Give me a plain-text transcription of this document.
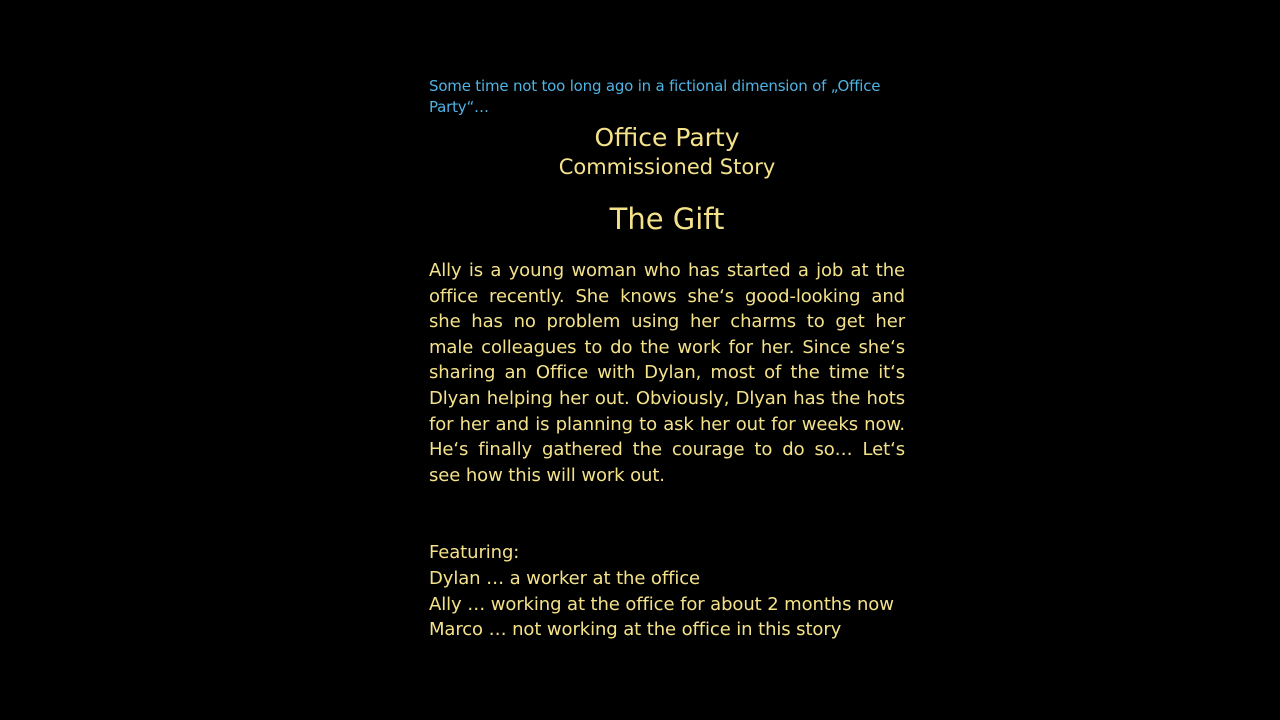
Some time not too long ago in a fictional dimension of „Office Party“…

Office Party
Commissioned Story
The Gift

Ally is a young woman who has started a job at the office recently. She knows she‘s good-looking and she has no problem using her charms to get her male colleagues to do the work for her. Since she‘s sharing an Office with Dylan, most of the time it‘s Dlyan helping her out. Obviously, Dlyan has the hots for her and is planning to ask her out for weeks now. He‘s finally gathered the courage to do so… Let‘s see how this will work out.

Featuring:
Dylan … a worker at the office
Ally … working at the office for about 2 months now
Marco … not working at the office in this story
